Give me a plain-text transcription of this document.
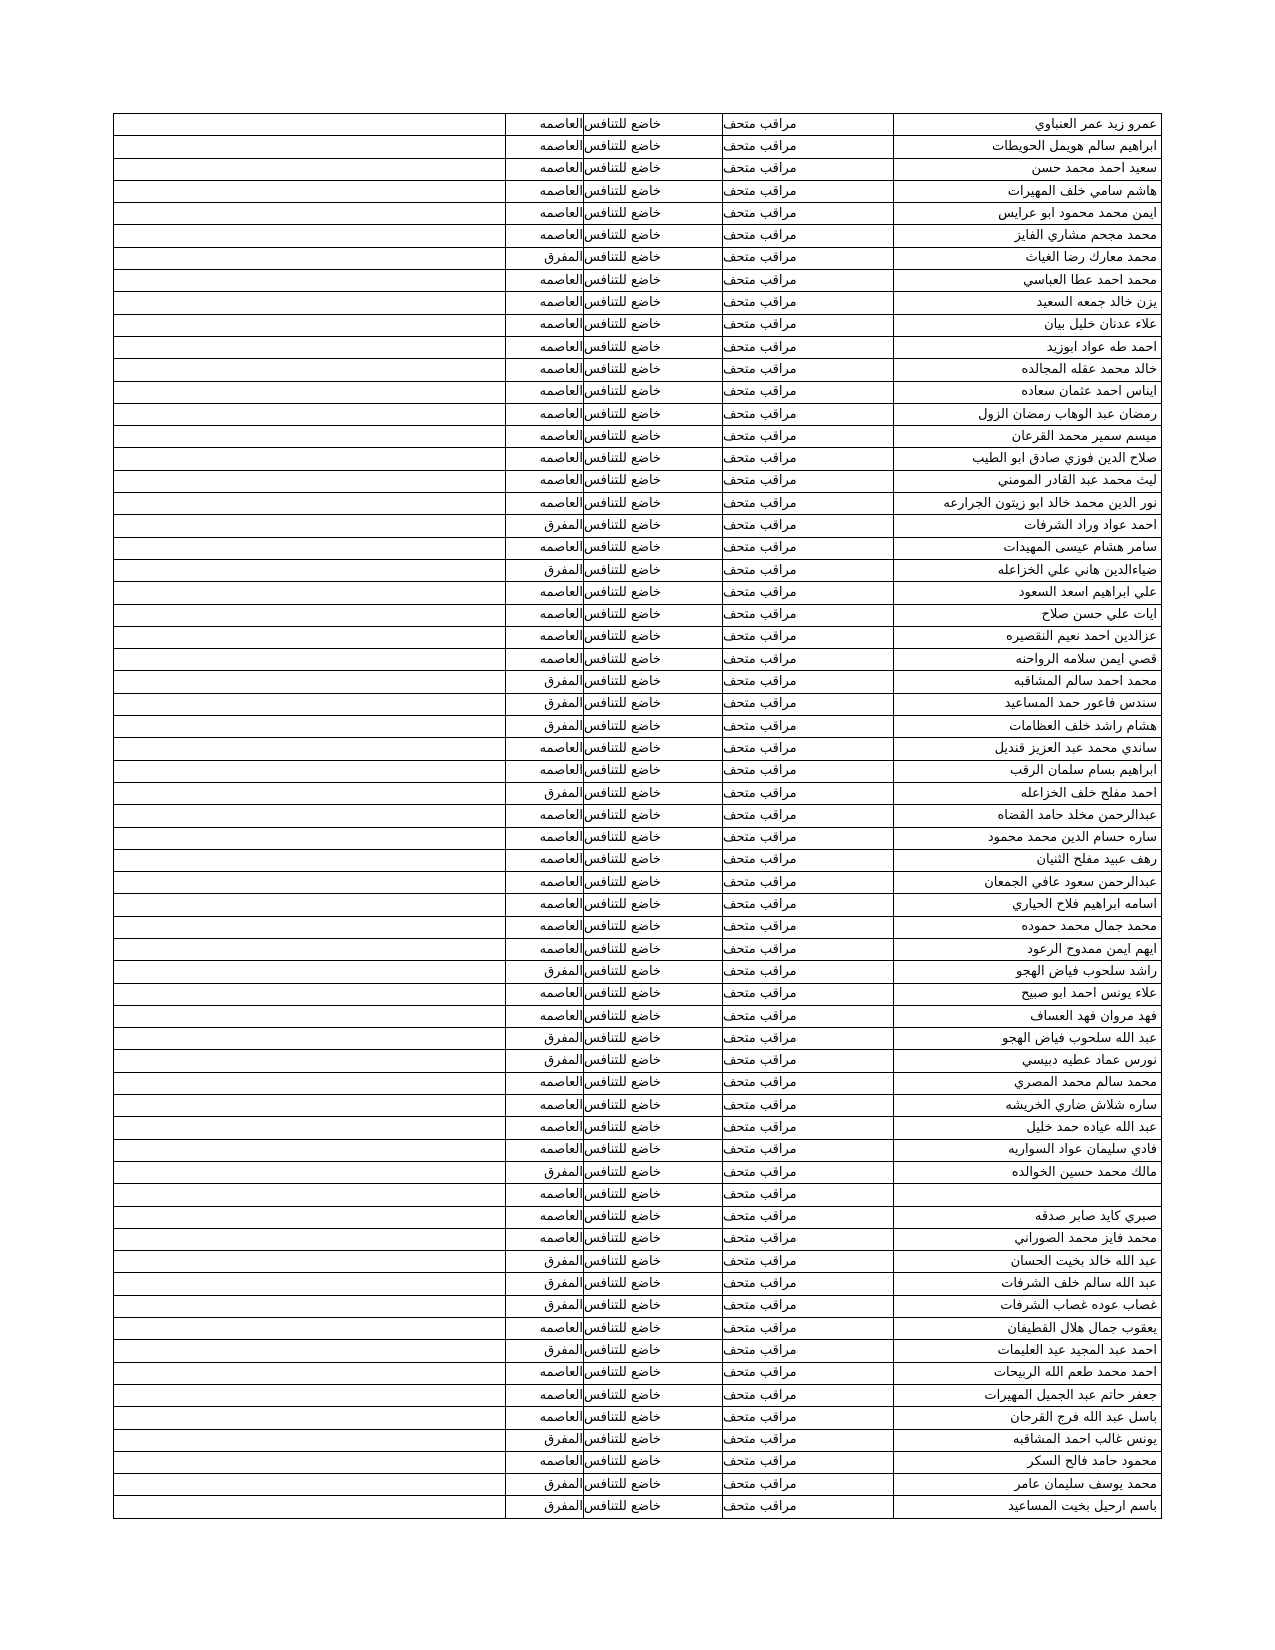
	العاصمه	خاضع للتنافس	مراقب متحف	عمرو زيد عمر العنباوي
	العاصمه	خاضع للتنافس	مراقب متحف	ابراهيم سالم هويمل الحويطات
	العاصمه	خاضع للتنافس	مراقب متحف	سعيد احمد محمد حسن
	العاصمه	خاضع للتنافس	مراقب متحف	هاشم سامي خلف المهيرات
	العاصمه	خاضع للتنافس	مراقب متحف	ايمن محمد محمود ابو عرايس
	العاصمه	خاضع للتنافس	مراقب متحف	محمد مجحم مشاري الفايز
	المفرق	خاضع للتنافس	مراقب متحف	محمد معارك رضا الغياث
	العاصمه	خاضع للتنافس	مراقب متحف	محمد احمد عطا العباسي
	العاصمه	خاضع للتنافس	مراقب متحف	يزن خالد جمعه السعيد
	العاصمه	خاضع للتنافس	مراقب متحف	علاء عدنان خليل بيان
	العاصمه	خاضع للتنافس	مراقب متحف	احمد طه عواد ابوزيد
	العاصمه	خاضع للتنافس	مراقب متحف	خالد محمد عقله المجالده
	العاصمه	خاضع للتنافس	مراقب متحف	ايناس احمد عثمان سعاده
	العاصمه	خاضع للتنافس	مراقب متحف	رمضان عبد الوهاب رمضان الزول
	العاصمه	خاضع للتنافس	مراقب متحف	ميسم سمير محمد القرعان
	العاصمه	خاضع للتنافس	مراقب متحف	صلاح الدين فوزي صادق ابو الطيب
	العاصمه	خاضع للتنافس	مراقب متحف	ليث محمد عبد القادر المومني
	العاصمه	خاضع للتنافس	مراقب متحف	نور الدين محمد خالد ابو زيتون الجرارعه
	المفرق	خاضع للتنافس	مراقب متحف	احمد عواد وراد الشرفات
	العاصمه	خاضع للتنافس	مراقب متحف	سامر هشام عيسى المهيدات
	المفرق	خاضع للتنافس	مراقب متحف	ضياءالدين هاني علي الخزاعله
	العاصمه	خاضع للتنافس	مراقب متحف	علي ابراهيم اسعد السعود
	العاصمه	خاضع للتنافس	مراقب متحف	ايات علي حسن صلاح
	العاصمه	خاضع للتنافس	مراقب متحف	عزالدين احمد نعيم النقصيره
	العاصمه	خاضع للتنافس	مراقب متحف	قصي ايمن سلامه الرواحنه
	المفرق	خاضع للتنافس	مراقب متحف	محمد احمد سالم المشاقبه
	المفرق	خاضع للتنافس	مراقب متحف	سندس فاعور حمد المساعيد
	المفرق	خاضع للتنافس	مراقب متحف	هشام راشد خلف العظامات
	العاصمه	خاضع للتنافس	مراقب متحف	ساندي محمد عبد العزيز قنديل
	العاصمه	خاضع للتنافس	مراقب متحف	ابراهيم بسام سلمان الرقب
	المفرق	خاضع للتنافس	مراقب متحف	احمد مفلح خلف الخزاعله
	العاصمه	خاضع للتنافس	مراقب متحف	عبدالرحمن مخلد حامد القضاه
	العاصمه	خاضع للتنافس	مراقب متحف	ساره حسام الدين محمد محمود
	العاصمه	خاضع للتنافس	مراقب متحف	رهف عبيد مفلح الثنيان
	العاصمه	خاضع للتنافس	مراقب متحف	عبدالرحمن سعود عافي الجمعان
	العاصمه	خاضع للتنافس	مراقب متحف	اسامه ابراهيم فلاح الحياري
	العاصمه	خاضع للتنافس	مراقب متحف	محمد جمال محمد حموده
	العاصمه	خاضع للتنافس	مراقب متحف	ايهم ايمن ممدوح الرعود
	المفرق	خاضع للتنافس	مراقب متحف	راشد سلحوب فياض الهجو
	العاصمه	خاضع للتنافس	مراقب متحف	علاء يونس احمد ابو صبيح
	العاصمه	خاضع للتنافس	مراقب متحف	فهد مروان فهد العساف
	المفرق	خاضع للتنافس	مراقب متحف	عبد الله سلحوب فياض الهجو
	المفرق	خاضع للتنافس	مراقب متحف	نورس عماد عطيه دبيسي
	العاصمه	خاضع للتنافس	مراقب متحف	محمد سالم محمد المصري
	العاصمه	خاضع للتنافس	مراقب متحف	ساره شلاش ضاري الخريشه
	العاصمه	خاضع للتنافس	مراقب متحف	عبد الله عياده حمد خليل
	العاصمه	خاضع للتنافس	مراقب متحف	فادي سليمان عواد السواريه
	المفرق	خاضع للتنافس	مراقب متحف	مالك محمد حسين الخوالده
	العاصمه	خاضع للتنافس	مراقب متحف	
	العاصمه	خاضع للتنافس	مراقب متحف	صبري كايد صابر صدقه
	العاصمه	خاضع للتنافس	مراقب متحف	محمد فايز محمد الصوراني
	المفرق	خاضع للتنافس	مراقب متحف	عبد الله خالد بخيت الحسان
	المفرق	خاضع للتنافس	مراقب متحف	عبد الله سالم خلف الشرفات
	المفرق	خاضع للتنافس	مراقب متحف	غصاب عوده غصاب الشرفات
	العاصمه	خاضع للتنافس	مراقب متحف	يعقوب جمال هلال القطيفان
	المفرق	خاضع للتنافس	مراقب متحف	احمد عبد المجيد عيد العليمات
	العاصمه	خاضع للتنافس	مراقب متحف	احمد محمد طعم الله الربيحات
	العاصمه	خاضع للتنافس	مراقب متحف	جعفر حاتم عبد الجميل المهيرات
	العاصمه	خاضع للتنافس	مراقب متحف	باسل عبد الله فرج القرحان
	المفرق	خاضع للتنافس	مراقب متحف	يونس غالب احمد المشاقبه
	العاصمه	خاضع للتنافس	مراقب متحف	محمود حامد فالح السكر
	المفرق	خاضع للتنافس	مراقب متحف	محمد يوسف سليمان عامر
	المفرق	خاضع للتنافس	مراقب متحف	باسم ارحيل بخيت المساعيد
